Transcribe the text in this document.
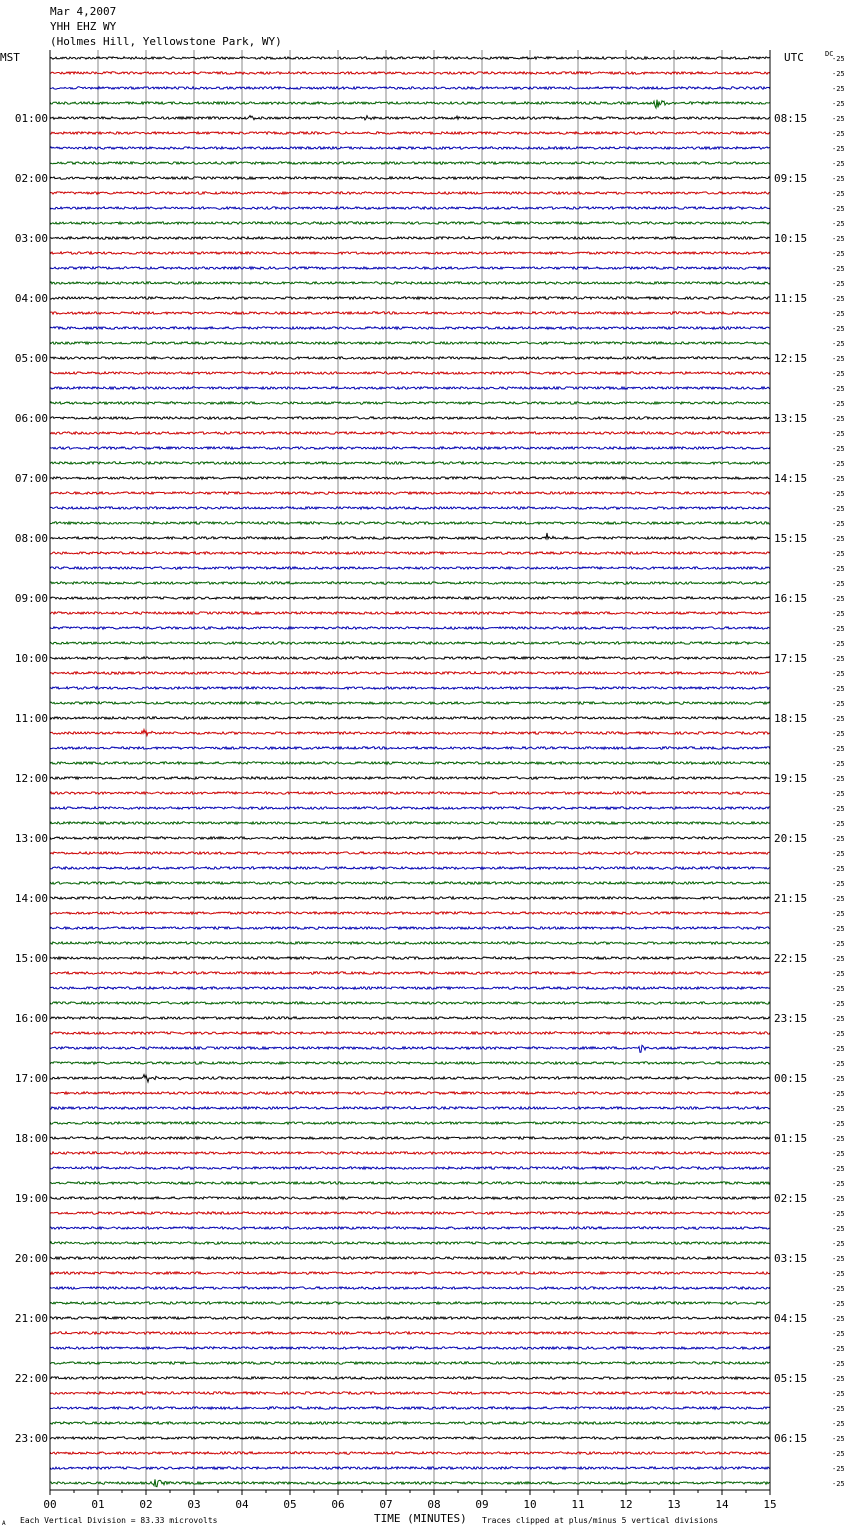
Mar 4,2007
YHH EHZ WY
(Holmes Hill, Yellowstone Park, WY)
00	01	02	03	04	05	06	07	08	09	10	11	12	13	14	15
MST	UTC	DC
01:00
02:00
03:00
04:00
05:00
06:00
07:00
08:00
09:00
10:00
11:00
12:00
13:00
14:00
15:00
16:00
17:00
18:00
19:00
20:00
21:00
22:00
23:00
08:15
09:15
10:15
11:15
12:15
13:15
14:15
15:15
16:15
17:15
18:15
19:15
20:15
21:15
22:15
23:15
00:15
01:15
02:15
03:15
04:15
05:15
06:15
-25
-25
-25
-25
-25
-25
-25
-25
-25
-25
-25
-25
-25
-25
-25
-25
-25
-25
-25
-25
-25
-25
-25
-25
-25
-25
-25
-25
-25
-25
-25
-25
-25
-25
-25
-25
-25
-25
-25
-25
-25
-25
-25
-25
-25
-25
-25
-25
-25
-25
-25
-25
-25
-25
-25
-25
-25
-25
-25
-25
-25
-25
-25
-25
-25
-25
-25
-25
-25
-25
-25
-25
-25
-25
-25
-25
-25
-25
-25
-25
-25
-25
-25
-25
-25
-25
-25
-25
-25
-25
-25
-25
-25
-25
-25
-25
A Each Vertical Division = 83.33 microvolts	TIME (MINUTES) Traces clipped at plus/minus 5 vertical divisions
